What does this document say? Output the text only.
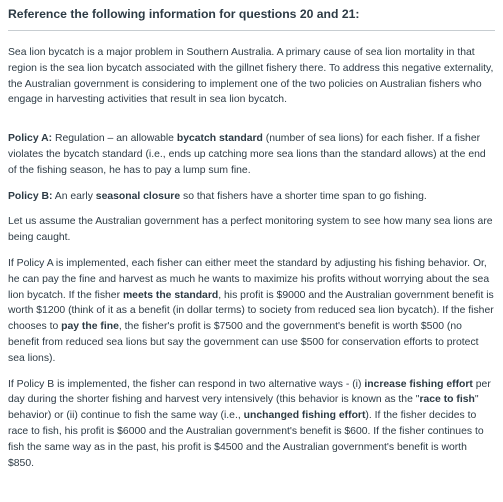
Reference the following information for questions 20 and 21:

Sea lion bycatch is a major problem in Southern Australia. A primary cause of sea lion mortality in that region is the sea lion bycatch associated with the gillnet fishery there. To address this negative externality, the Australian government is considering to implement one of the two policies on Australian fishers who engage in harvesting activities that result in sea lion bycatch.

Policy A: Regulation – an allowable bycatch standard (number of sea lions) for each fisher. If a fisher violates the bycatch standard (i.e., ends up catching more sea lions than the standard allows) at the end of the fishing season, he has to pay a lump sum fine.

Policy B: An early seasonal closure so that fishers have a shorter time span to go fishing.

Let us assume the Australian government has a perfect monitoring system to see how many sea lions are being caught.

If Policy A is implemented, each fisher can either meet the standard by adjusting his fishing behavior. Or, he can pay the fine and harvest as much he wants to maximize his profits without worrying about the sea lion bycatch. If the fisher meets the standard, his profit is $9000 and the Australian government benefit is worth $1200 (think of it as a benefit (in dollar terms) to society from reduced sea lion bycatch). If the fisher chooses to pay the fine, the fisher's profit is $7500 and the government's benefit is worth $500 (no benefit from reduced sea lions but say the government can use $500 for conservation efforts to protect sea lions).

If Policy B is implemented, the fisher can respond in two alternative ways - (i) increase fishing effort per day during the shorter fishing and harvest very intensively (this behavior is known as the "race to fish" behavior) or (ii) continue to fish the same way (i.e., unchanged fishing effort). If the fisher decides to race to fish, his profit is $6000 and the Australian government's benefit is $600. If the fisher continues to fish the same way as in the past, his profit is $4500 and the Australian government's benefit is worth $850.
